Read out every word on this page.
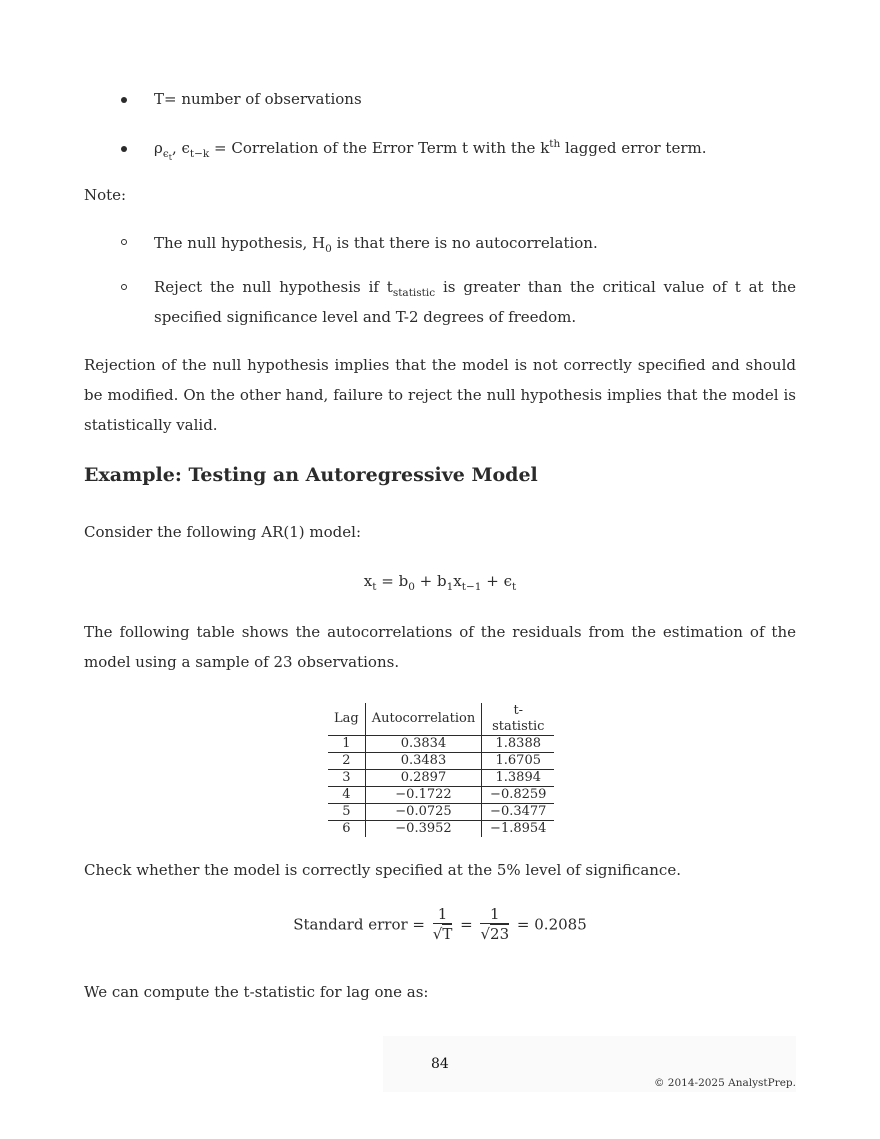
T= number of observations
$\rho_{\epsilon_t}$, $\epsilon_{t-k}$ = Correlation of the Error Term t with the $k^{th}$ lagged error term.
Note:
The null hypothesis, $H_0$ is that there is no autocorrelation.
Reject the null hypothesis if $t_{statistic}$ is greater than the critical value of t at the specified significance level and T-2 degrees of freedom.
Rejection of the null hypothesis implies that the model is not correctly specified and should be modified. On the other hand, failure to reject the null hypothesis implies that the model is statistically valid.
Example: Testing an Autoregressive Model
Consider the following AR(1) model:
$x_t = b_0 + b_1x_{t-1} + \epsilon_t$
The following table shows the autocorrelations of the residuals from the estimation of the model using a sample of 23 observations.
Lag	Autocorrelation	t-statistic
1	0.3834	1.8388
2	0.3483	1.6705
3	0.2897	1.3894
4	−0.1722	−0.8259
5	−0.0725	−0.3477
6	−0.3952	−1.8954
Check whether the model is correctly specified at the 5% level of significance.
Standard error = $\frac{1}{√T} = \frac{1}{√23} = 0.2085$
We can compute the t-statistic for lag one as:
84
© 2014-2025 AnalystPrep.
